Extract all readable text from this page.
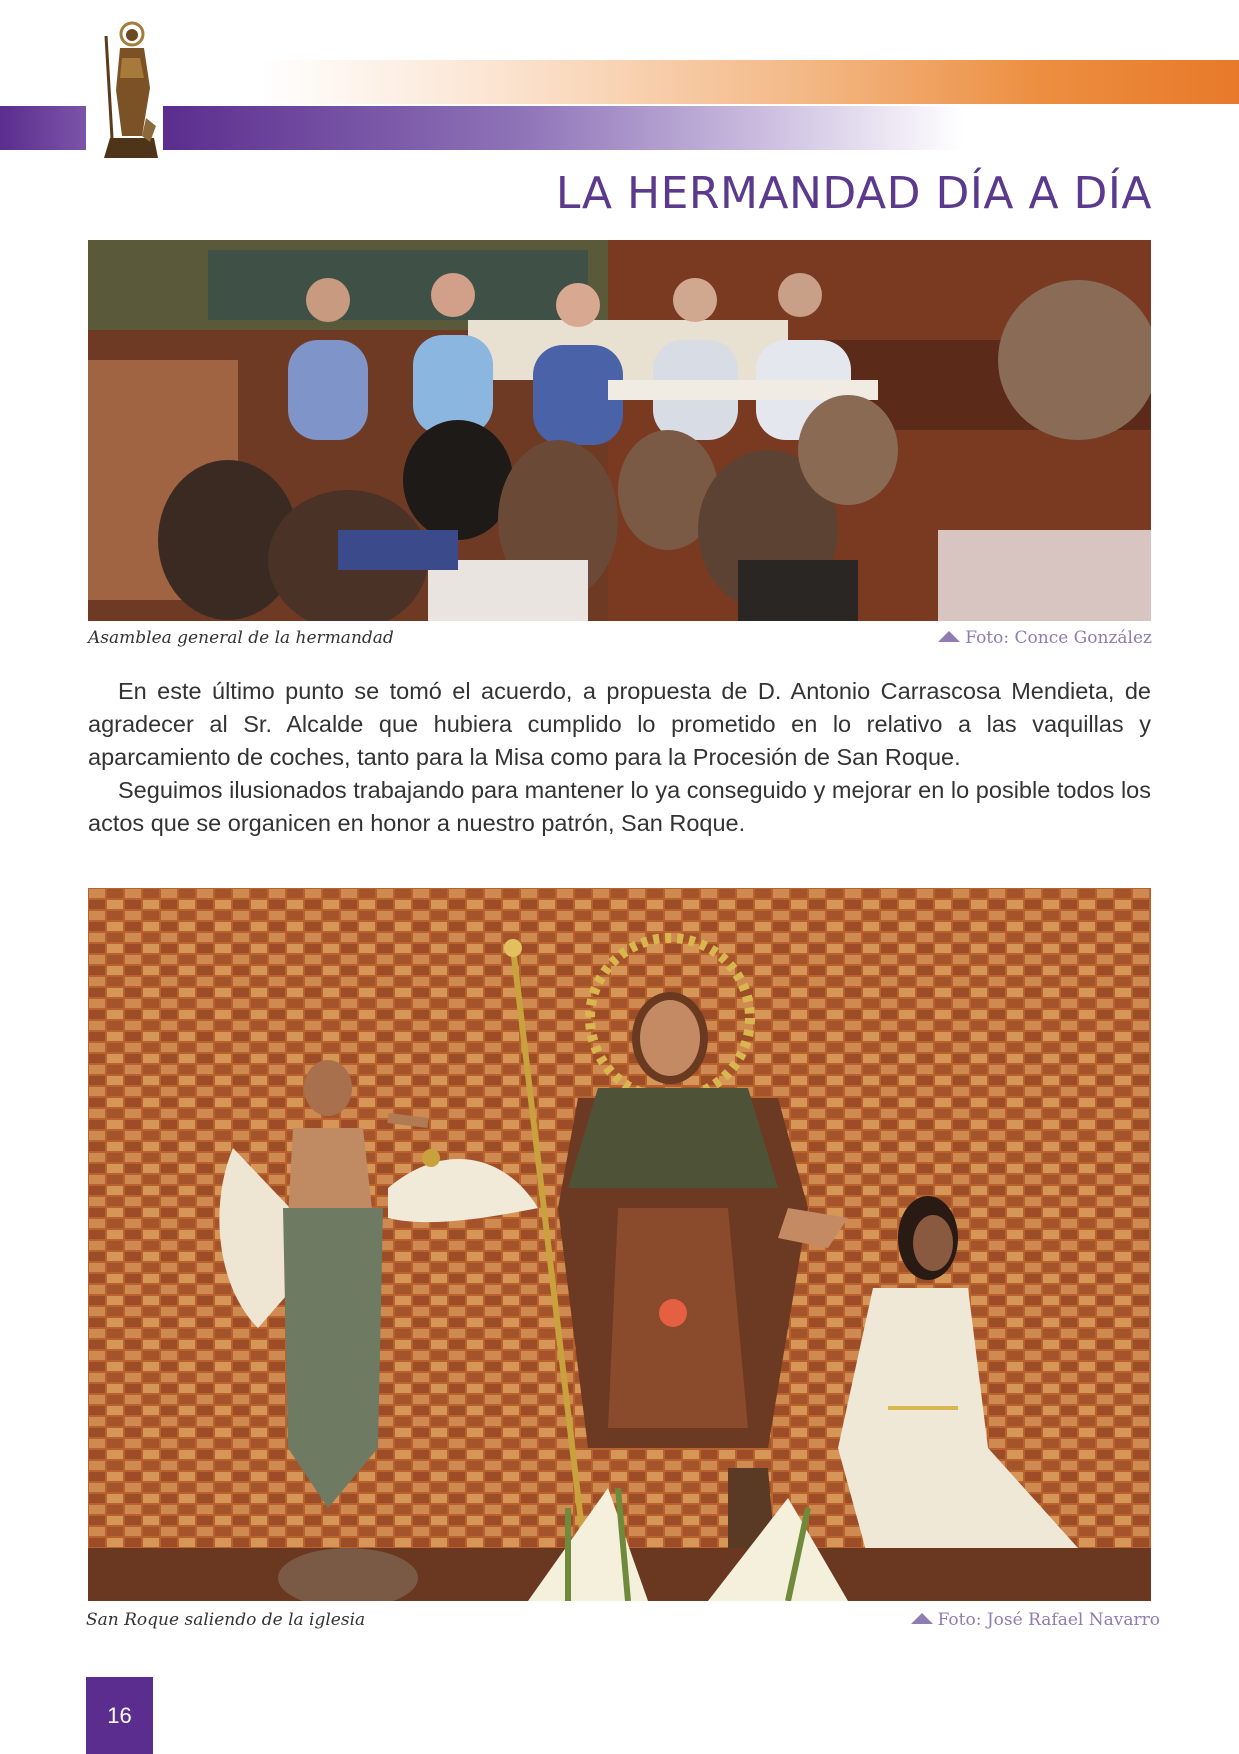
LA HERMANDAD DÍA A DÍA
Asamblea general de la hermandad	Foto: Conce González

En este último punto se tomó el acuerdo, a propuesta de D. Antonio Carrascosa Mendieta, de agradecer al Sr. Alcalde que hubiera cumplido lo prometido en lo relativo a las vaquillas y aparcamiento de coches, tanto para la Misa como para la Procesión de San Roque.

Seguimos ilusionados trabajando para mantener lo ya conseguido y mejorar en lo posible todos los actos que se organicen en honor a nuestro patrón, San Roque.

San Roque saliendo de la iglesia	Foto: José Rafael Navarro
16
